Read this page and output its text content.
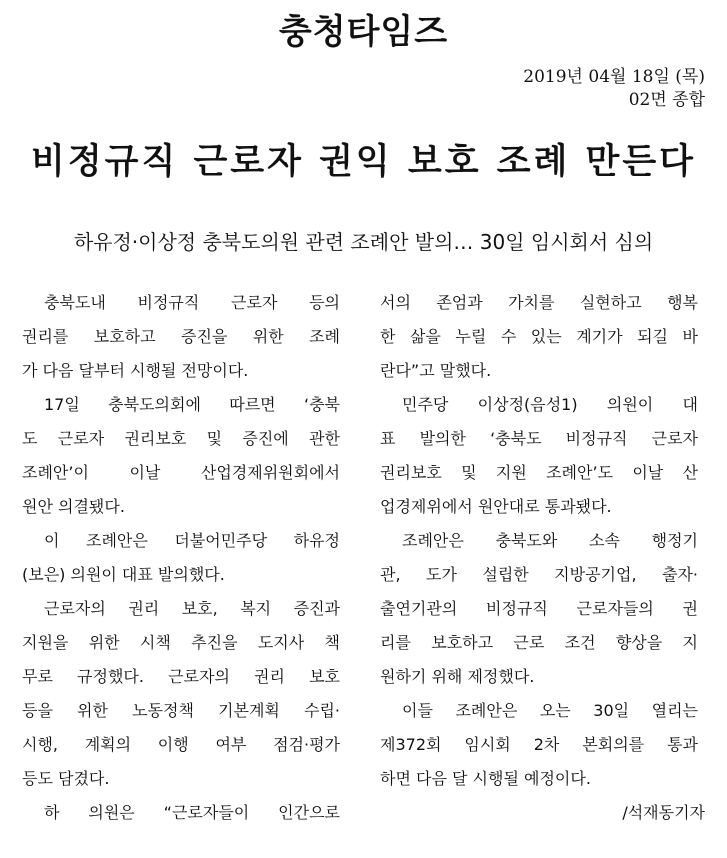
충청타임즈
2019년 04월 18일 (목)
02면 종합
비정규직 근로자 권익 보호 조례 만든다
하유정·이상정 충북도의원 관련 조례안 발의… 30일 임시회서 심의
충북도내 비정규직 근로자 등의
권리를 보호하고 증진을 위한 조례
가 다음 달부터 시행될 전망이다.
17일 충북도의회에 따르면 ‘충북
도 근로자 권리보호 및 증진에 관한
조례안’이 이날 산업경제위원회에서
원안 의결됐다.
이 조례안은 더불어민주당 하유정
(보은) 의원이 대표 발의했다.
근로자의 권리 보호, 복지 증진과
지원을 위한 시책 추진을 도지사 책
무로 규정했다. 근로자의 권리 보호
등을 위한 노동정책 기본계획 수립·
시행, 계획의 이행 여부 점검·평가
등도 담겼다.
하 의원은 “근로자들이 인간으로
서의 존엄과 가치를 실현하고 행복
한 삶을 누릴 수 있는 계기가 되길 바
란다”고 말했다.
민주당 이상정(음성1) 의원이 대
표 발의한 ‘충북도 비정규직 근로자
권리보호 및 지원 조례안’도 이날 산
업경제위에서 원안대로 통과됐다.
조례안은 충북도와 소속 행정기
관, 도가 설립한 지방공기업, 출자·
출연기관의 비정규직 근로자들의 권
리를 보호하고 근로 조건 향상을 지
원하기 위해 제정했다.
이들 조례안은 오는 30일 열리는
제372회 임시회 2차 본회의를 통과
하면 다음 달 시행될 예정이다.
/석재동기자
